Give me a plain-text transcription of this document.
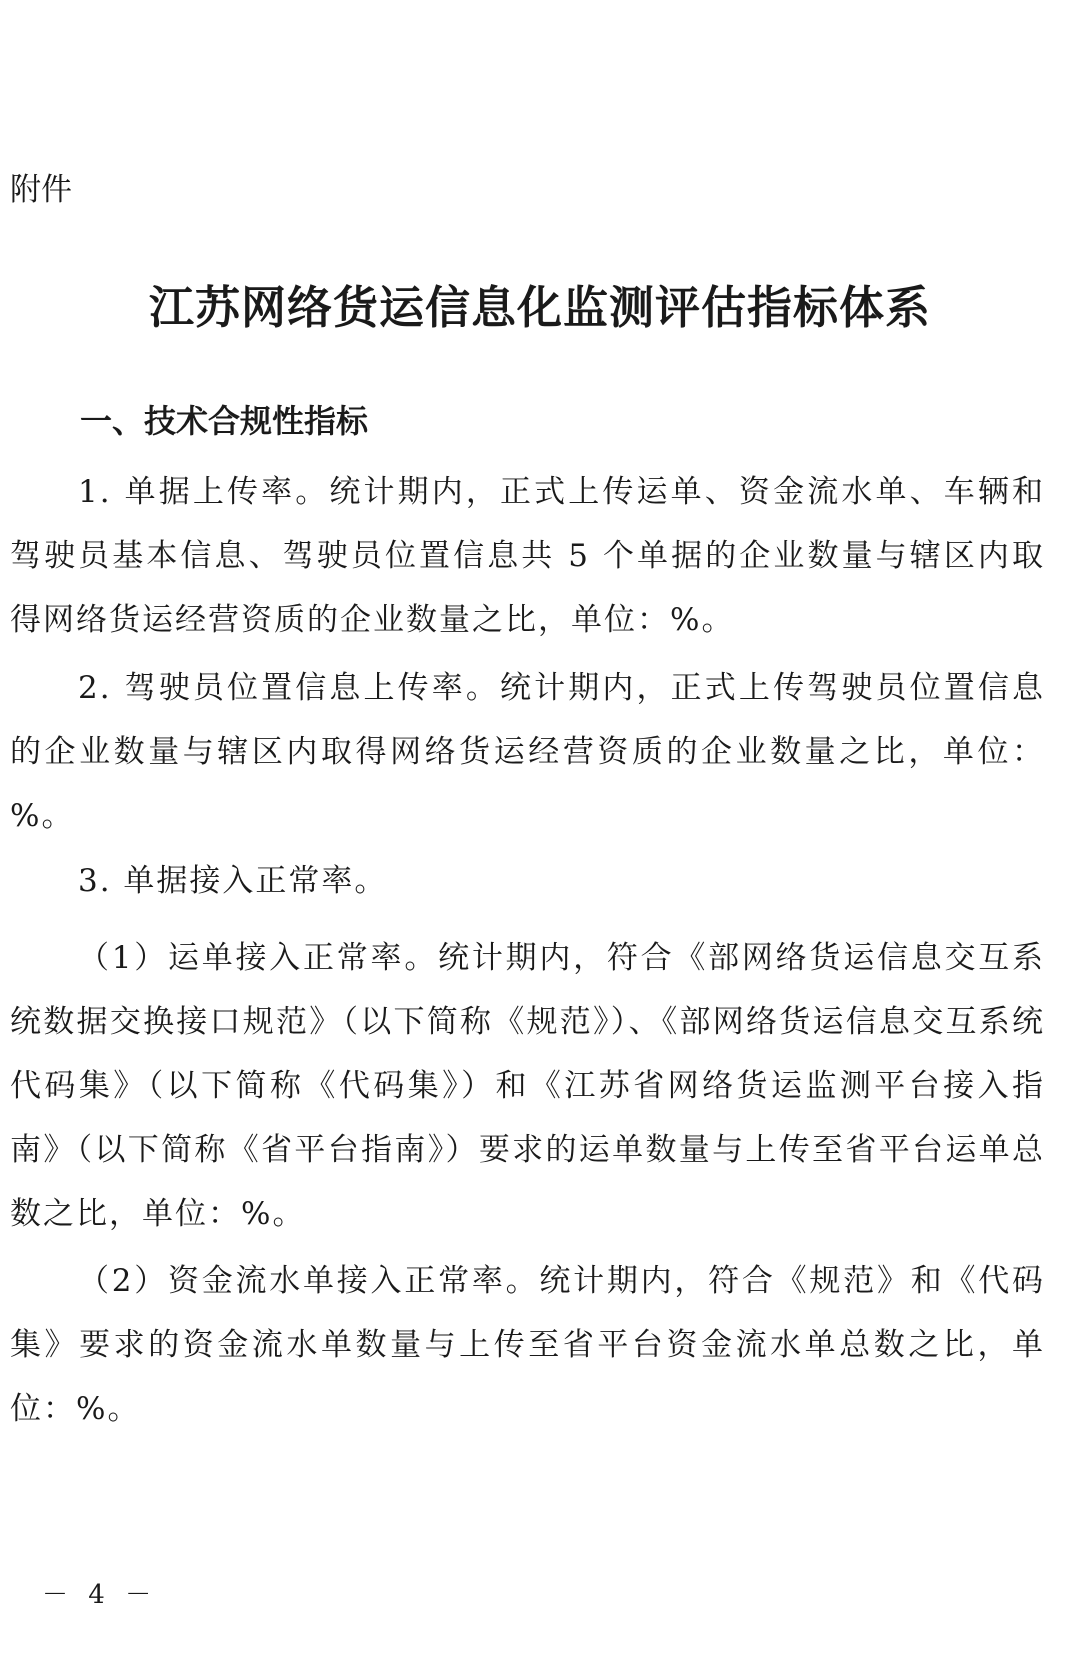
附件

江苏网络货运信息化监测评估指标体系
一、技术合规性指标

1. 单据上传率。统计期内，正式上传运单、资金流水单、车辆和驾驶员基本信息、驾驶员位置信息共 5 个单据的企业数量与辖区内取得网络货运经营资质的企业数量之比，单位：%。

2. 驾驶员位置信息上传率。统计期内，正式上传驾驶员位置信息的企业数量与辖区内取得网络货运经营资质的企业数量之比，单位：%。

3. 单据接入正常率。

（1）运单接入正常率。统计期内，符合《部网络货运信息交互系统数据交换接口规范》（以下简称《规范》）、《部网络货运信息交互系统代码集》（以下简称《代码集》）和《江苏省网络货运监测平台接入指南》（以下简称《省平台指南》）要求的运单数量与上传至省平台运单总数之比，单位：%。

（2）资金流水单接入正常率。统计期内，符合《规范》和《代码集》要求的资金流水单数量与上传至省平台资金流水单总数之比，单位：%。

－ 4 －
